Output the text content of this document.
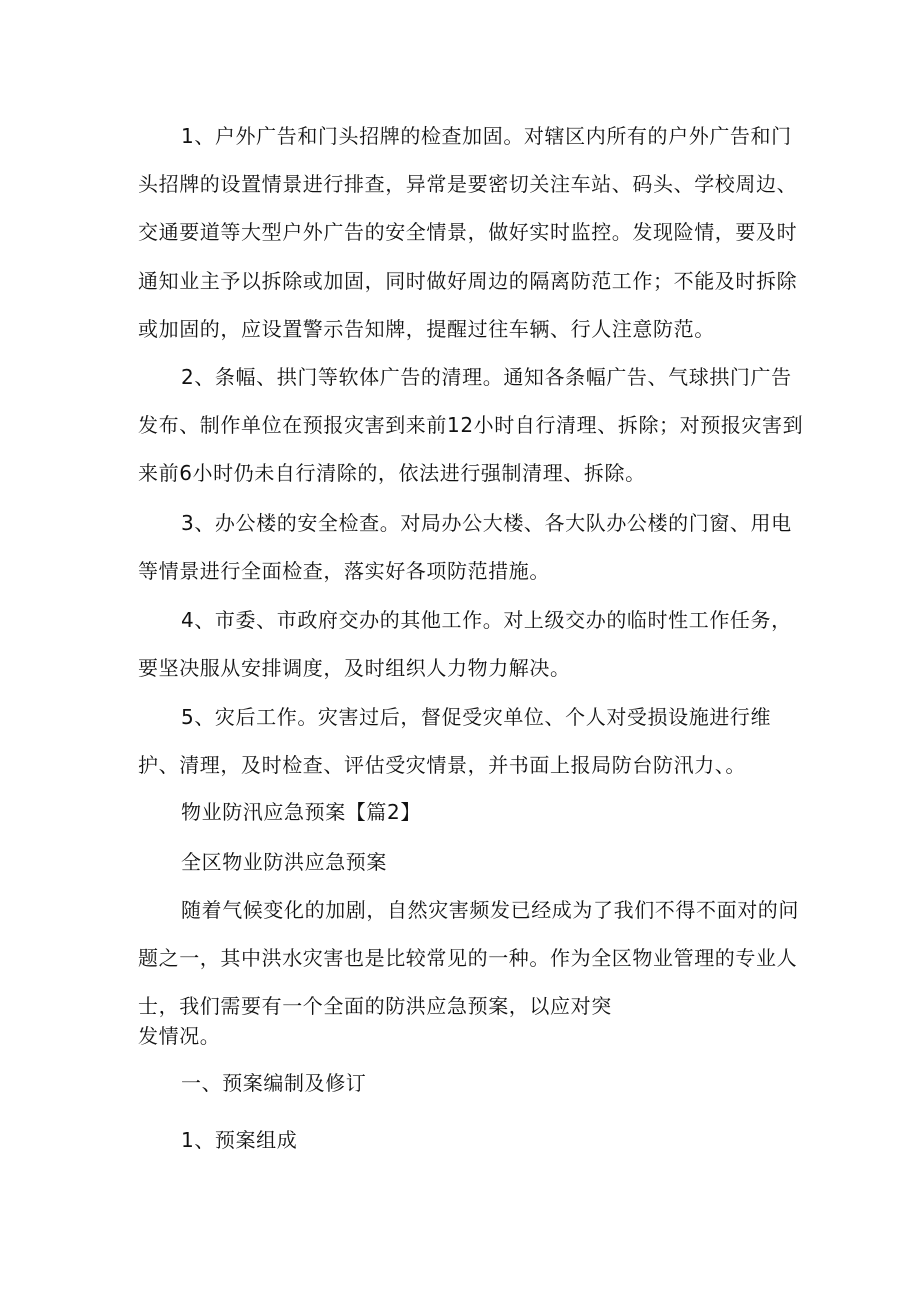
1、户外广告和门头招牌的检查加固。对辖区内所有的户外广告和门
头招牌的设置情景进行排查，异常是要密切关注车站、码头、学校周边、
交通要道等大型户外广告的安全情景，做好实时监控。发现险情，要及时
通知业主予以拆除或加固，同时做好周边的隔离防范工作；不能及时拆除
或加固的，应设置警示告知牌，提醒过往车辆、行人注意防范。
2、条幅、拱门等软体广告的清理。通知各条幅广告、气球拱门广告
发布、制作单位在预报灾害到来前12小时自行清理、拆除；对预报灾害到
来前6小时仍未自行清除的，依法进行强制清理、拆除。
3、办公楼的安全检查。对局办公大楼、各大队办公楼的门窗、用电
等情景进行全面检查，落实好各项防范措施。
4、市委、市政府交办的其他工作。对上级交办的临时性工作任务，
要坚决服从安排调度，及时组织人力物力解决。
5、灾后工作。灾害过后，督促受灾单位、个人对受损设施进行维
护、清理，及时检查、评估受灾情景，并书面上报局防台防汛力、。
物业防汛应急预案【篇2】
全区物业防洪应急预案
随着气候变化的加剧，自然灾害频发已经成为了我们不得不面对的问
题之一，其中洪水灾害也是比较常见的一种。作为全区物业管理的专业人
士，我们需要有一个全面的防洪应急预案，以应对突
发情况。
一、预案编制及修订
1、预案组成
